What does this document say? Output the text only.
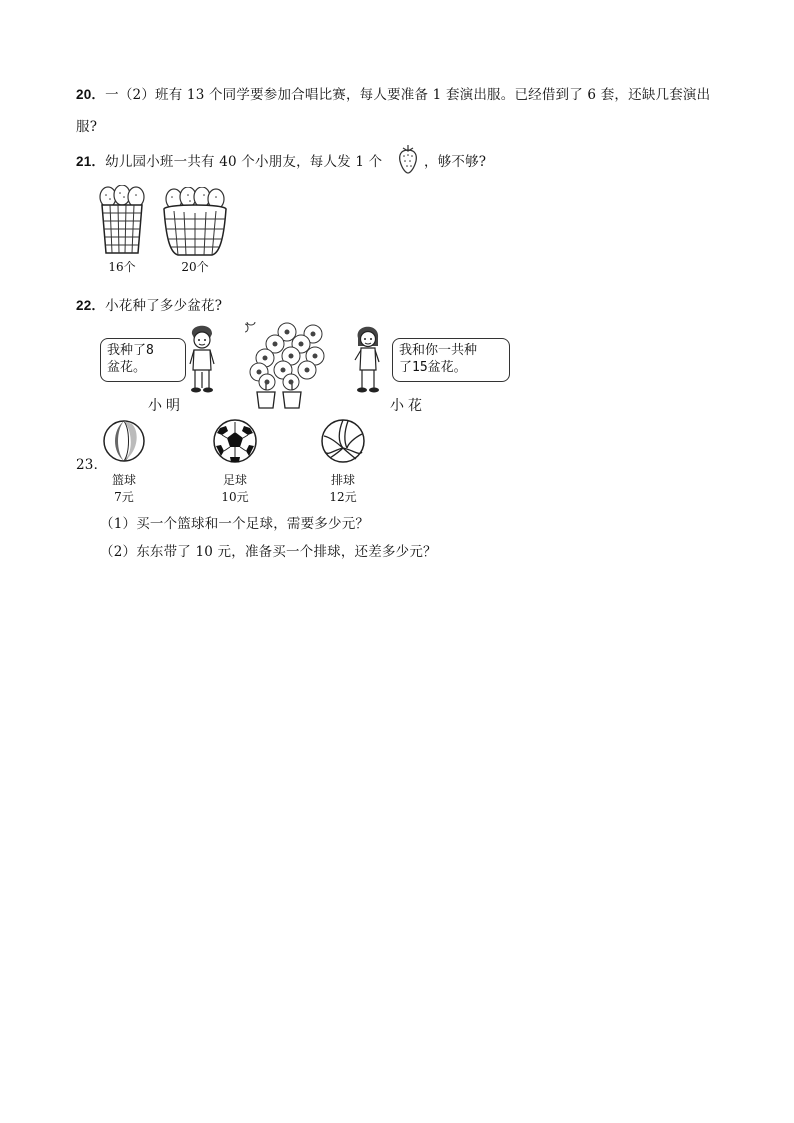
20．一（2）班有 13 个同学要参加合唱比赛，每人要准备 1 套演出服。已经借到了 6 套，还缺几套演出
服?
21．幼儿园小班一共有 40 个小朋友，每人发 1 个	，够不够?
16个	20个
22．小花种了多少盆花?
我种了8
盆花。
小明
我和你一共种
了15盆花。
小花
23．
篮球
7元
足球
10元
排球
12元
（1）买一个篮球和一个足球，需要多少元？
（2）东东带了 10 元，准备买一个排球，还差多少元？
